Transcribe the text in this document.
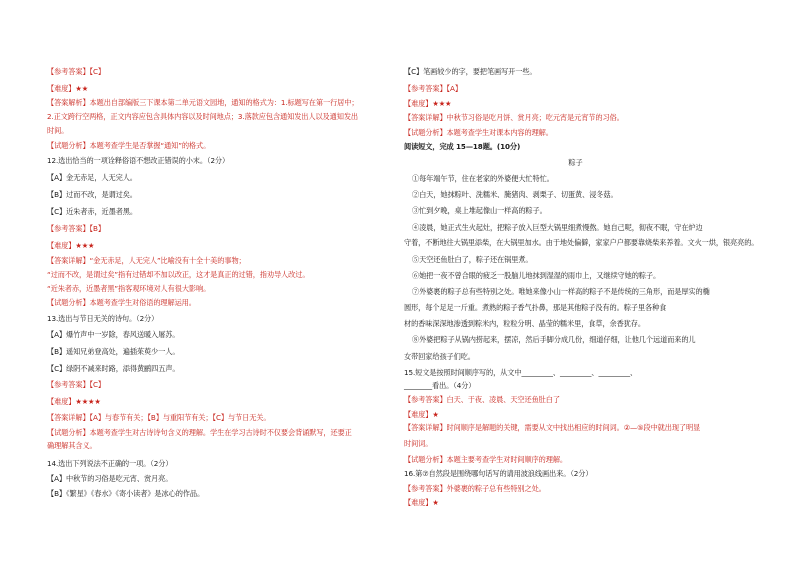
【参考答案】【C】
【难度】★★
【答案解析】本题出自部编版三下课本第二单元语文园地，通知的格式为：1.标题写在第一行居中；
2.正文跨行空两格，正文内容应包含具体内容以及时间地点；3.落款应包含通知发出人以及通知发出
时间。
【试题分析】本题考查学生是否掌握“通知”的格式。
12.选出恰当的一项诠释俗语不想改正错误的小末。（2分）
【A】金无赤足，人无完人。
【B】过而不改，是谓过矣。
【C】近朱者赤，近墨者黑。
【参考答案】【B】
【难度】★★★
【答案详解】“金无赤足，人无完人”比喻没有十全十美的事物；
“过而不改，是谓过矣”指有过错却不加以改正，这才是真正的过错，指劝导人改过。
“近朱者赤，近墨者黑”指客观环境对人有很大影响。
【试题分析】本题考查学生对俗语的理解运用。
13.选出与节日无关的诗句。（2分）
【A】爆竹声中一岁除，春风送暖入屠苏。
【B】遥知兄弟登高处，遍插茱萸少一人。
【C】绿阴不减来时路，添得黄鹂四五声。
【参考答案】【C】
【难度】★★★★
【答案详解】【A】与春节有关；【B】与重阳节有关；【C】与节日无关。
【试题分析】本题考查学生对古诗诗句含义的理解。学生在学习古诗时不仅要会背诵默写，还要正
确理解其含义。
14.选出下列说法不正确的一项。（2分）
【A】中秋节的习俗是吃元宵、赏月亮。
【B】《繁星》《春水》《寄小读者》是冰心的作品。
【C】笔画较少的字，要把笔画写开一些。
【参考答案】【A】
【难度】★★★
【答案详解】中秋节习俗是吃月饼、赏月亮；吃元宵是元宵节的习俗。
【试题分析】本题考查学生对课本内容的理解。
阅读短文，完成 15—18题。(10分)
粽子
①每年端午节，住在老家的外婆便大忙特忙。
②白天，她抹粽叶、洗糯米、腌猪肉、剥栗子、切蛋黄、浸冬菇。
③忙到夕晚，桌上堆起像山一样高的粽子。
④凌晨，她正式生火起灶，把粽子放入巨型大锅里细煮慢熬。她自己呢，彻夜不眠，守在炉边
守着，不断地往大锅里添柴，在大锅里加水。由于地处偏僻，家家户户都要靠烧柴来养着。文火一烘，银亮亮的。
⑤天空还鱼肚白了，粽子还在锅里煮。
⑥她把一夜不曾合眼的疲乏一股脑儿地抹到湿湿的雨巾上，又继续守她的粽子。
⑦外婆裹的粽子总有些特别之处。唯她来像小山一样高的粽子不是传统的三角形，而是厚实的椭
圆形，每个足足一斤重。煮熟的粽子香气扑鼻，那是其他粽子没有的。粽子里各种食
材的香味深深地渗透到粽米内，粒粒分明、晶莹的糯米里，食草，余香犹存。
⑧外婆把粽子从锅内捞起来，摆凉，然后手脚分成几份，细道仔细，让他几个远道而来的儿
女带回家给孩子们吃。
15.短文是按照时间顺序写的，从文中_________、_________、_________、
________看出。（4分）
【参考答案】白天、于夜、凌晨、天空还鱼肚白了
【难度】★
【答案详解】时间顺序是解题的关键，需要从文中找出相应的时间词。②—⑤段中就出现了明显
时间词。
【试题分析】本题主要考查学生对时间顺序的理解。
16.第⑦自然段是围绕哪句话写的请用波浪线画出来。（2分）
【参考答案】外婆裹的粽子总有些特别之处。
【难度】★
